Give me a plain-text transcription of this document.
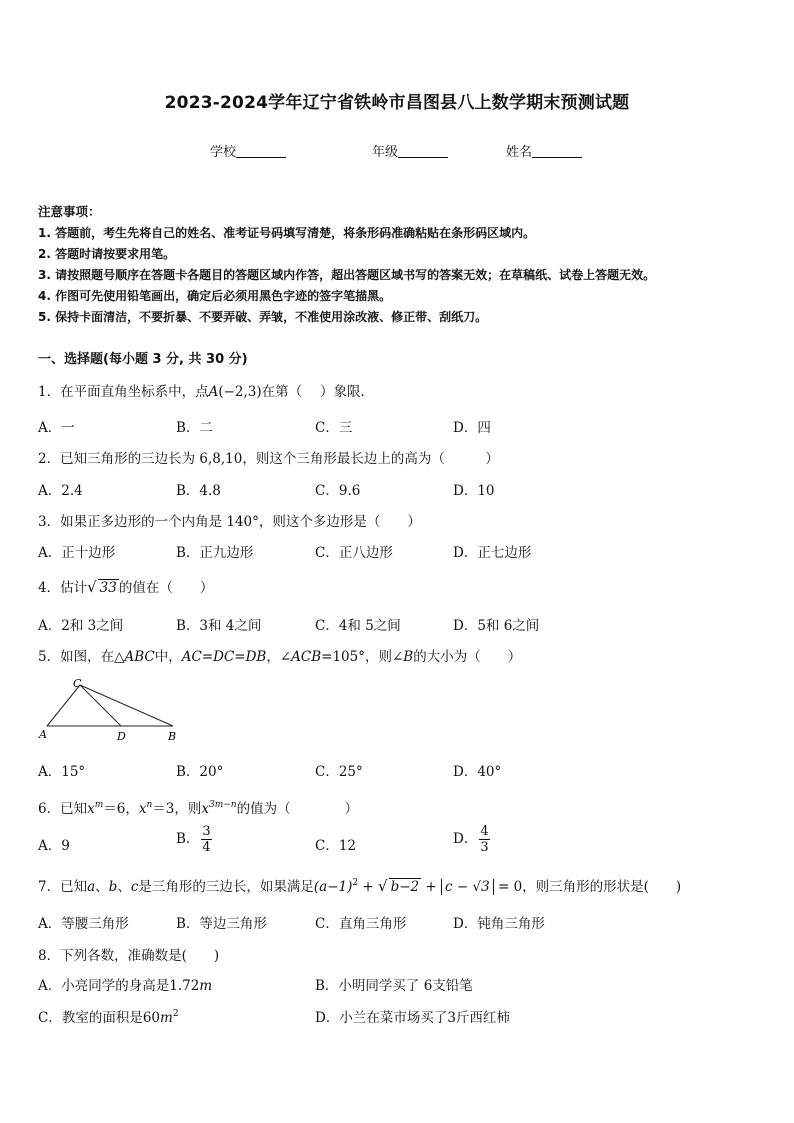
2023-2024学年辽宁省铁岭市昌图县八上数学期末预测试题
学校	年级	姓名
注意事项：
1. 答题前，考生先将自己的姓名、准考证号码填写清楚，将条形码准确粘贴在条形码区域内。
2. 答题时请按要求用笔。
3. 请按照题号顺序在答题卡各题目的答题区域内作答，超出答题区域书写的答案无效；在草稿纸、试卷上答题无效。
4. 作图可先使用铅笔画出，确定后必须用黑色字迹的签字笔描黑。
5. 保持卡面清洁，不要折暴、不要弄破、弄皱，不准使用涂改液、修正带、刮纸刀。
一、选择题(每小题 3 分, 共 30 分)
1．在平面直角坐标系中，点A(−2,3)在第（　 ）象限．
A．一	B．二	C．三	D．四
2．已知三角形的三边长为 6,8,10，则这个三角形最长边上的高为（　　　）
A．2.4	B．4.8	C．9.6	D．10
3．如果正多边形的一个内角是 140°，则这个多边形是（　　）
A．正十边形	B．正九边形	C．正八边形	D．正七边形
4．估计√ 33 的值在（　　）
A．2和 3之间	B．3和 4之间	C．4和 5之间	D．5和 6之间
5．如图，在△ABC中，AC=DC=DB，∠ACB=105°，则∠B的大小为（　　）
C
A	D	B
A．15°	B．20°	C．25°	D．40°
6．已知$x^m=6$，$x^n=3$，则$x^{3m-n}$的值为（　　　　）
A．9	B． $\frac{3}{4}$	C．12	D． $\frac{4}{3}$
7．已知a、b、c是三角形的三边长，如果满足$(a-1)^2$ + √ b−2 + c − √3 = 0，则三角形的形状是(　　)
A．等腰三角形	B．等边三角形	C．直角三角形	D．钝角三角形
8．下列各数，准确数是(　　)
A．小亮同学的身高是1.72m	B．小明同学买了 6支铅笔
C．教室的面积是$60m^2$	D．小兰在菜市场买了3斤西红柿
